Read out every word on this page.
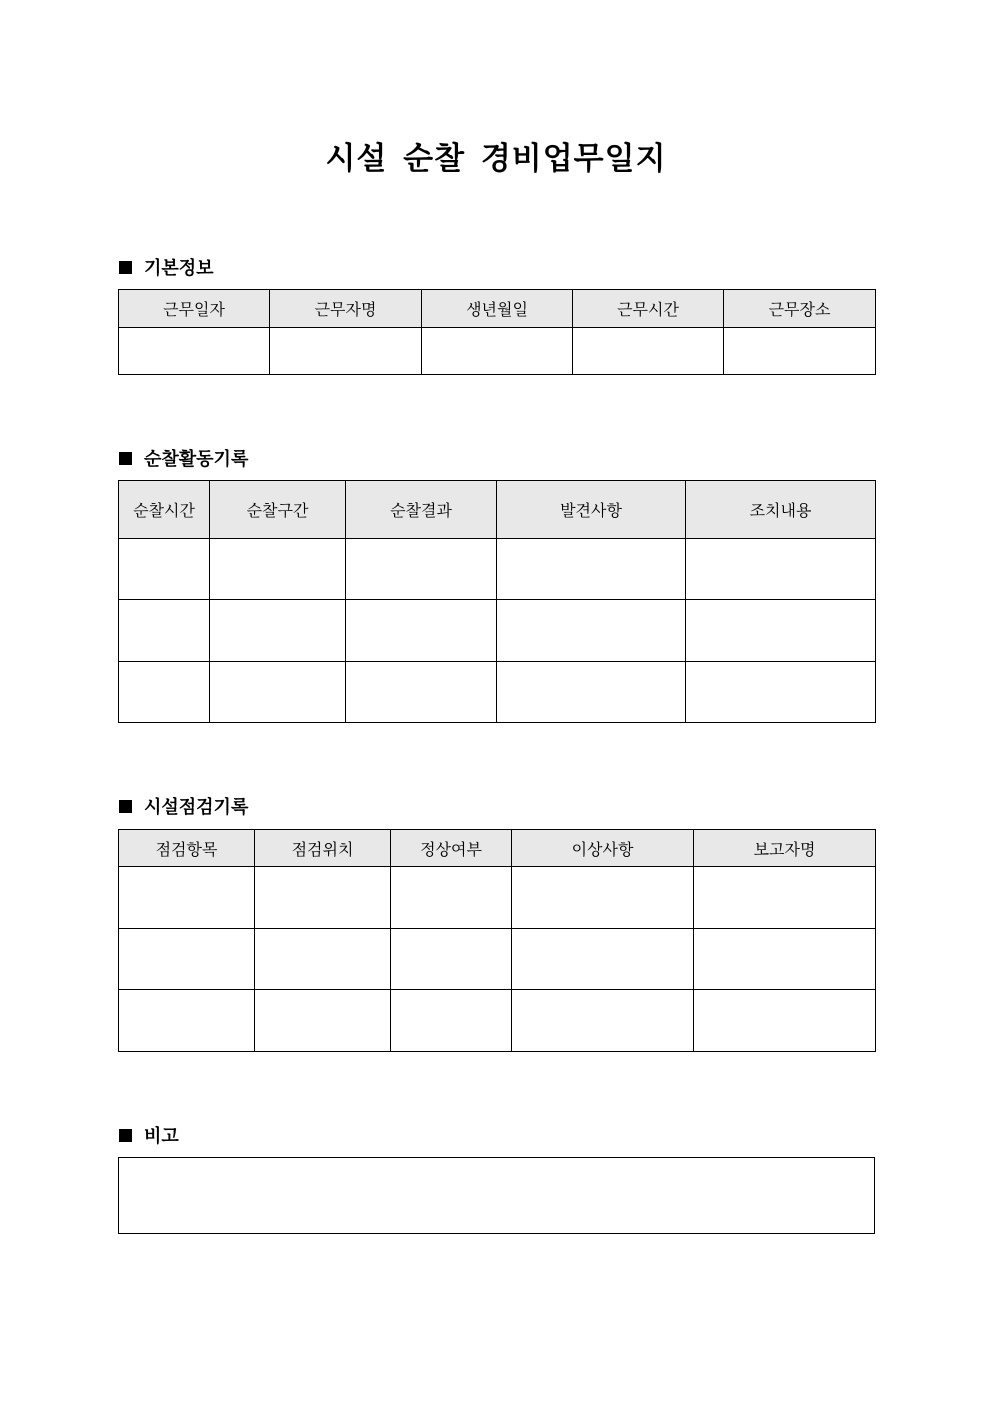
시설 순찰 경비업무일지
기본정보
근무일자	근무자명	생년월일	근무시간	근무장소

순찰활동기록
순찰시간	순찰구간	순찰결과	발견사항	조치내용

시설점검기록
점검항목	점검위치	정상여부	이상사항	보고자명

비고
